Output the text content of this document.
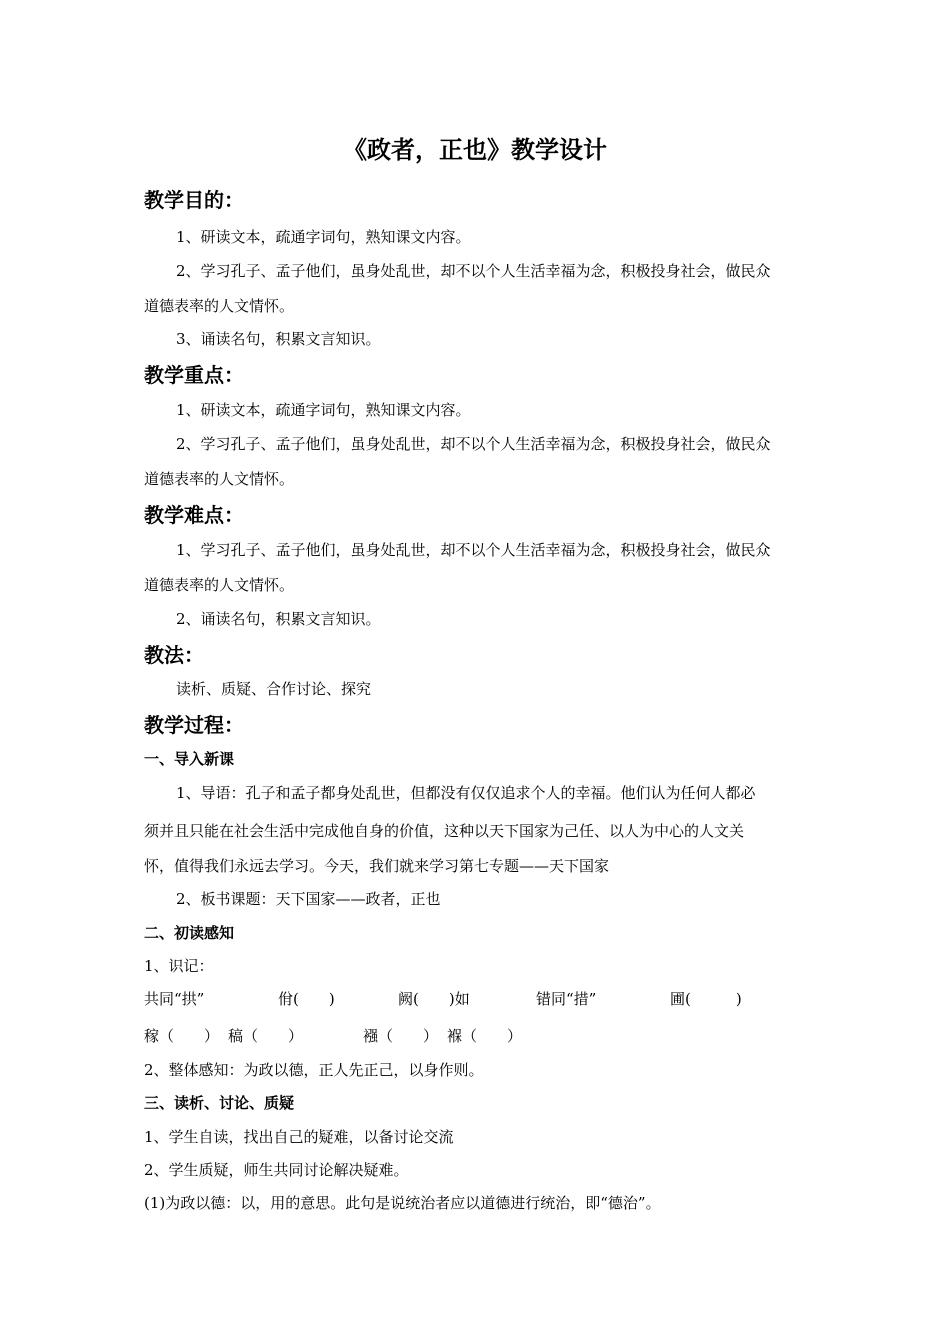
《政者，正也》教学设计
教学目的：
1、研读文本，疏通字词句，熟知课文内容。
2、学习孔子、孟子他们，虽身处乱世，却不以个人生活幸福为念，积极投身社会，做民众
道德表率的人文情怀。
3、诵读名句，积累文言知识。
教学重点：
1、研读文本，疏通字词句，熟知课文内容。
2、学习孔子、孟子他们，虽身处乱世，却不以个人生活幸福为念，积极投身社会，做民众
道德表率的人文情怀。
教学难点：
1、学习孔子、孟子他们，虽身处乱世，却不以个人生活幸福为念，积极投身社会，做民众
道德表率的人文情怀。
2、诵读名句，积累文言知识。
教法：
读析、质疑、合作讨论、探究
教学过程：
一、导入新课
1、导语：孔子和孟子都身处乱世，但都没有仅仅追求个人的幸福。他们认为任何人都必
须并且只能在社会生活中完成他自身的价值，这种以天下国家为己任、以人为中心的人文关
怀，值得我们永远去学习。今天，我们就来学习第七专题——天下国家
2、板书课题：天下国家——政者，正也
二、初读感知
1、识记：
共同“拱”	佾(　　)	阙(　　)如	错同“措”	圃(　　　)
稼（　　） 稿（　　）	襁（　　） 褓（　　）
2、整体感知：为政以德，正人先正己，以身作则。
三、读析、讨论、质疑
1、学生自读，找出自己的疑难，以备讨论交流
2、学生质疑，师生共同讨论解决疑难。
(1)为政以德：以，用的意思。此句是说统治者应以道德进行统治，即“德治”。
